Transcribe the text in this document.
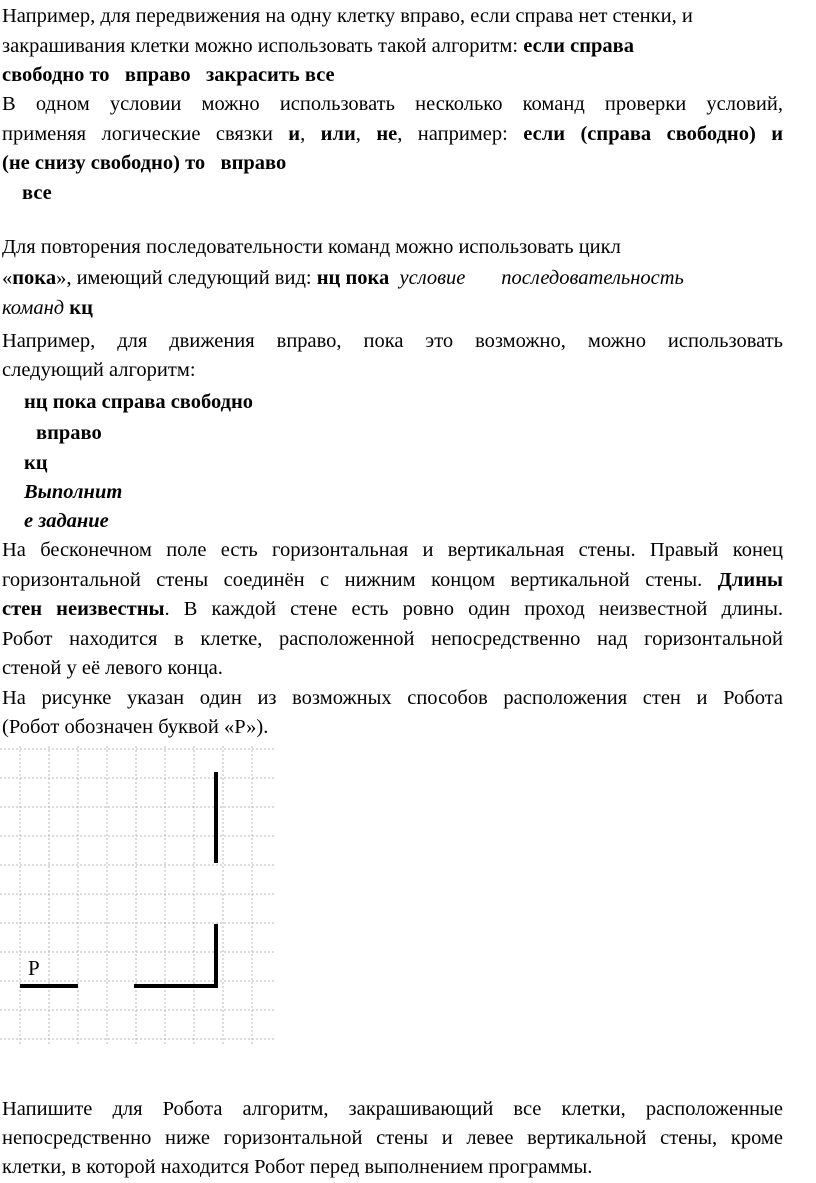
Например, для передвижения на одну клетку вправо, если справа нет стенки, и
закрашивания клетки можно использовать такой алгоритм: если справа

свободно то   вправо   закрасить все

В одном условии можно использовать несколько команд проверки условий,

применяя логические связки и, или, не, например: если (справа свободно) и

(не снизу свободно) то   вправо

все

Для повторения последовательности команд можно использовать цикл

«пока», имеющий следующий вид: нц пока условие последовательность

команд кц

Например, для движения вправо, пока это возможно, можно использовать

следующий алгоритм:

нц пока справа свободно
вправо
кц
Выполнит
е задание

На бесконечном поле есть горизонтальная и вертикальная стены. Правый конец

горизонтальной стены соединён с нижним концом вертикальной стены. Длины

стен неизвестны. В каждой стене есть ровно один проход неизвестной длины.

Робот находится в клетке, расположенной непосредственно над горизонтальной

стеной у её левого конца.

На рисунке указан один из возможных способов расположения стен и Робота

(Робот обозначен буквой «Р»).

Р

Напишите для Робота алгоритм, закрашивающий все клетки, расположенные

непосредственно ниже горизонтальной стены и левее вертикальной стены, кроме

клетки, в которой находится Робот перед выполнением программы.
